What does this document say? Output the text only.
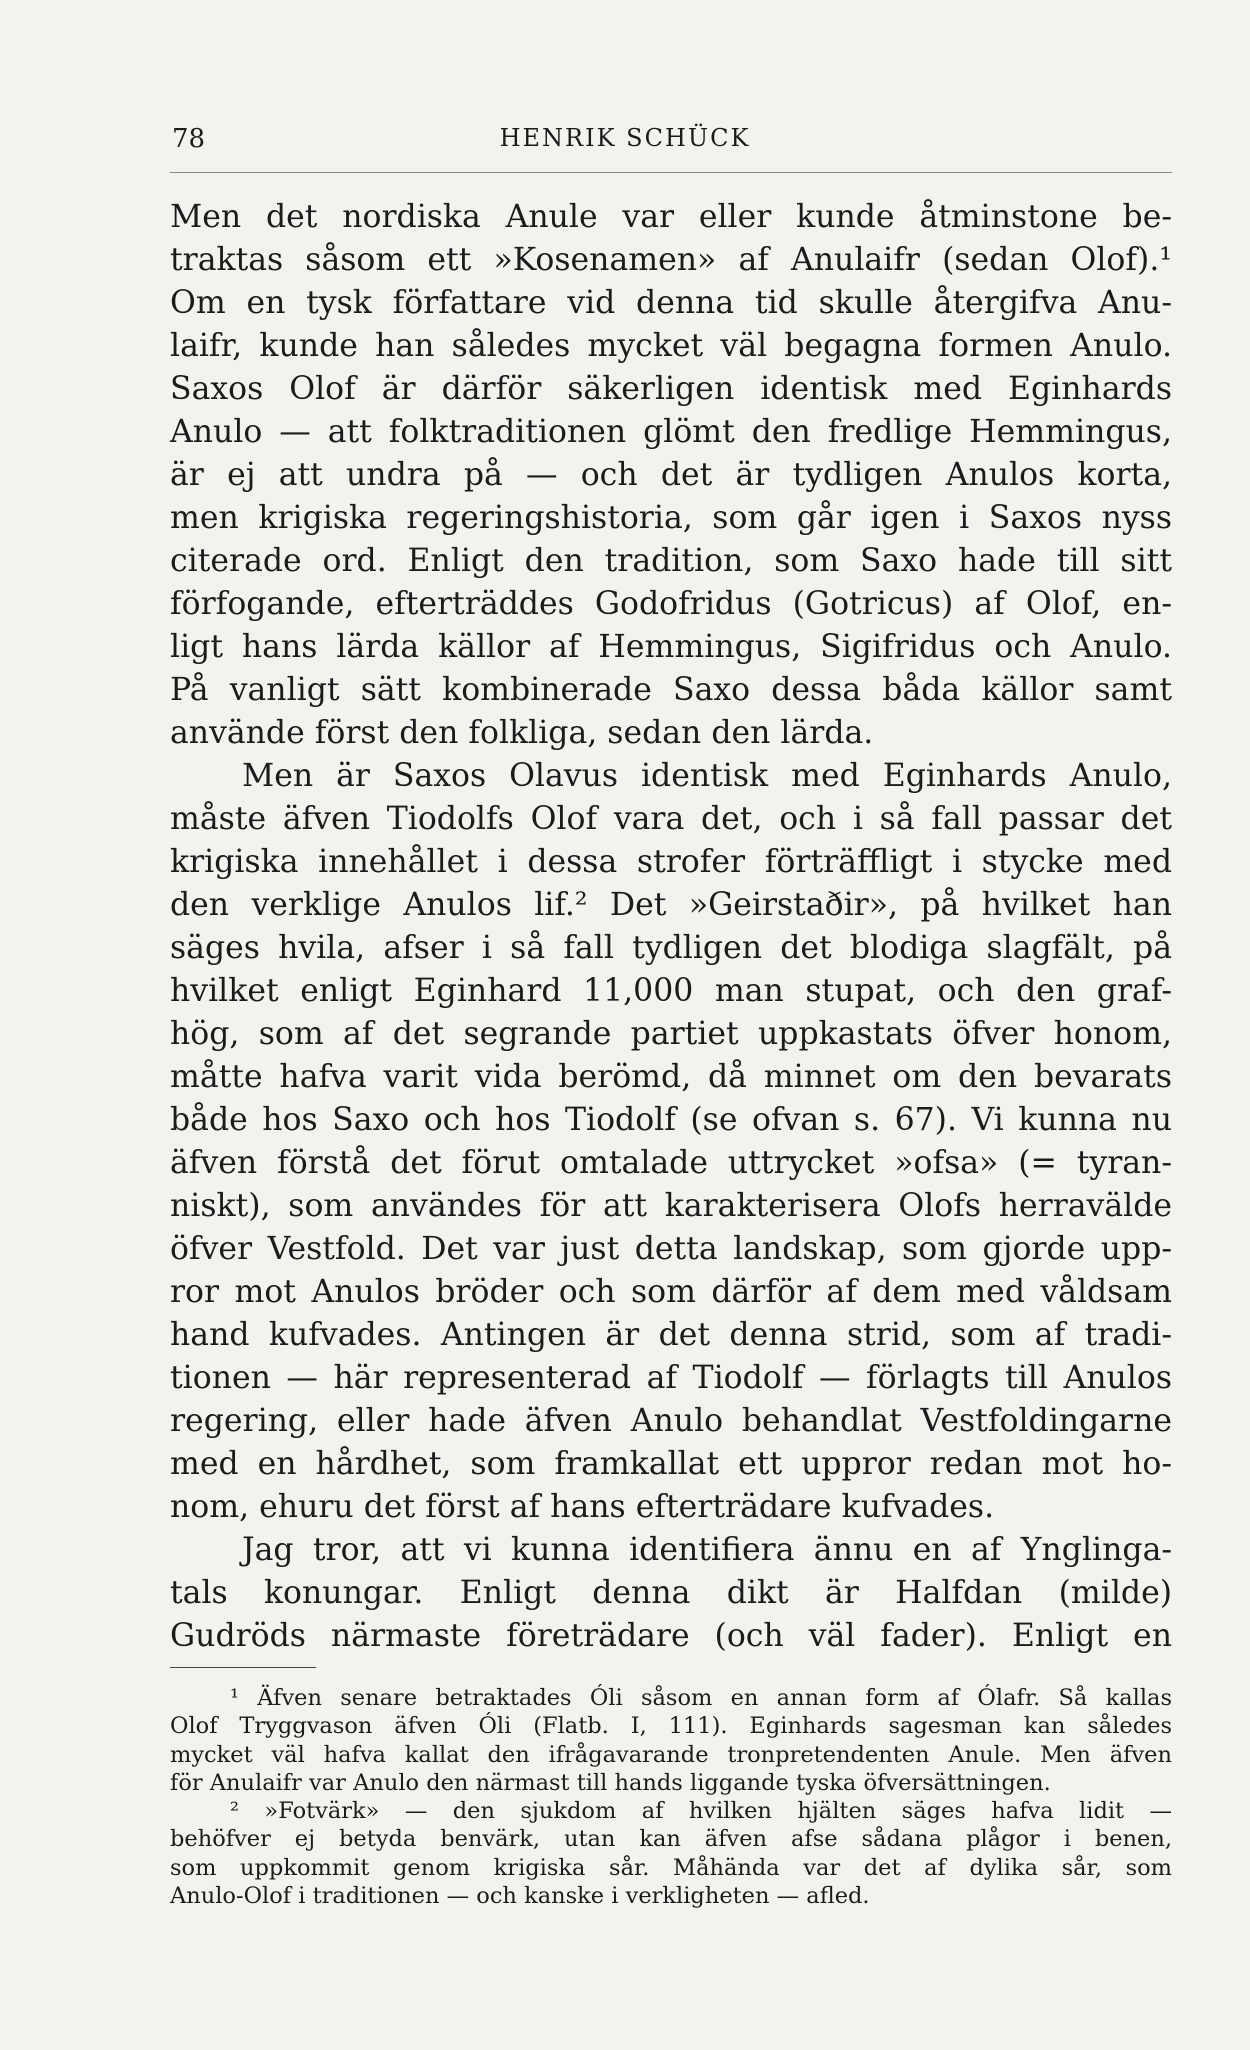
78	HENRIK SCHÜCK
Men det nordiska Anule var eller kunde åtminstone be-
traktas såsom ett »Kosenamen» af Anulaifr (sedan Olof).¹
Om en tysk författare vid denna tid skulle återgifva Anu-
laifr, kunde han således mycket väl begagna formen Anulo.
Saxos Olof är därför säkerligen identisk med Eginhards
Anulo — att folktraditionen glömt den fredlige Hemmingus,
är ej att undra på — och det är tydligen Anulos korta,
men krigiska regeringshistoria, som går igen i Saxos nyss
citerade ord. Enligt den tradition, som Saxo hade till sitt
förfogande, efterträddes Godofridus (Gotricus) af Olof, en-
ligt hans lärda källor af Hemmingus, Sigifridus och Anulo.
På vanligt sätt kombinerade Saxo dessa båda källor samt
använde först den folkliga, sedan den lärda.
Men är Saxos Olavus identisk med Eginhards Anulo,
måste äfven Tiodolfs Olof vara det, och i så fall passar det
krigiska innehållet i dessa strofer förträffligt i stycke med
den verklige Anulos lif.² Det »Geirstaðir», på hvilket han
säges hvila, afser i så fall tydligen det blodiga slagfält, på
hvilket enligt Eginhard 11,000 man stupat, och den graf-
hög, som af det segrande partiet uppkastats öfver honom,
måtte hafva varit vida berömd, då minnet om den bevarats
både hos Saxo och hos Tiodolf (se ofvan s. 67). Vi kunna nu
äfven förstå det förut omtalade uttrycket »ofsa» (= tyran-
niskt), som användes för att karakterisera Olofs herravälde
öfver Vestfold. Det var just detta landskap, som gjorde upp-
ror mot Anulos bröder och som därför af dem med våldsam
hand kufvades. Antingen är det denna strid, som af tradi-
tionen — här representerad af Tiodolf — förlagts till Anulos
regering, eller hade äfven Anulo behandlat Vestfoldingarne
med en hårdhet, som framkallat ett uppror redan mot ho-
nom, ehuru det först af hans efterträdare kufvades.
Jag tror, att vi kunna identifiera ännu en af Ynglinga-
tals konungar. Enligt denna dikt är Halfdan (milde)
Gudröds närmaste företrädare (och väl fader). Enligt en
¹ Äfven senare betraktades Óli såsom en annan form af Ólafr. Så kallas
Olof Tryggvason äfven Óli (Flatb. I, 111). Eginhards sagesman kan således
mycket väl hafva kallat den ifrågavarande tronpretendenten Anule. Men äfven
för Anulaifr var Anulo den närmast till hands liggande tyska öfversättningen.
² »Fotvärk» — den sjukdom af hvilken hjälten säges hafva lidit —
behöfver ej betyda benvärk, utan kan äfven afse sådana plågor i benen,
som uppkommit genom krigiska sår. Måhända var det af dylika sår, som
Anulo-Olof i traditionen — och kanske i verkligheten — afled.
